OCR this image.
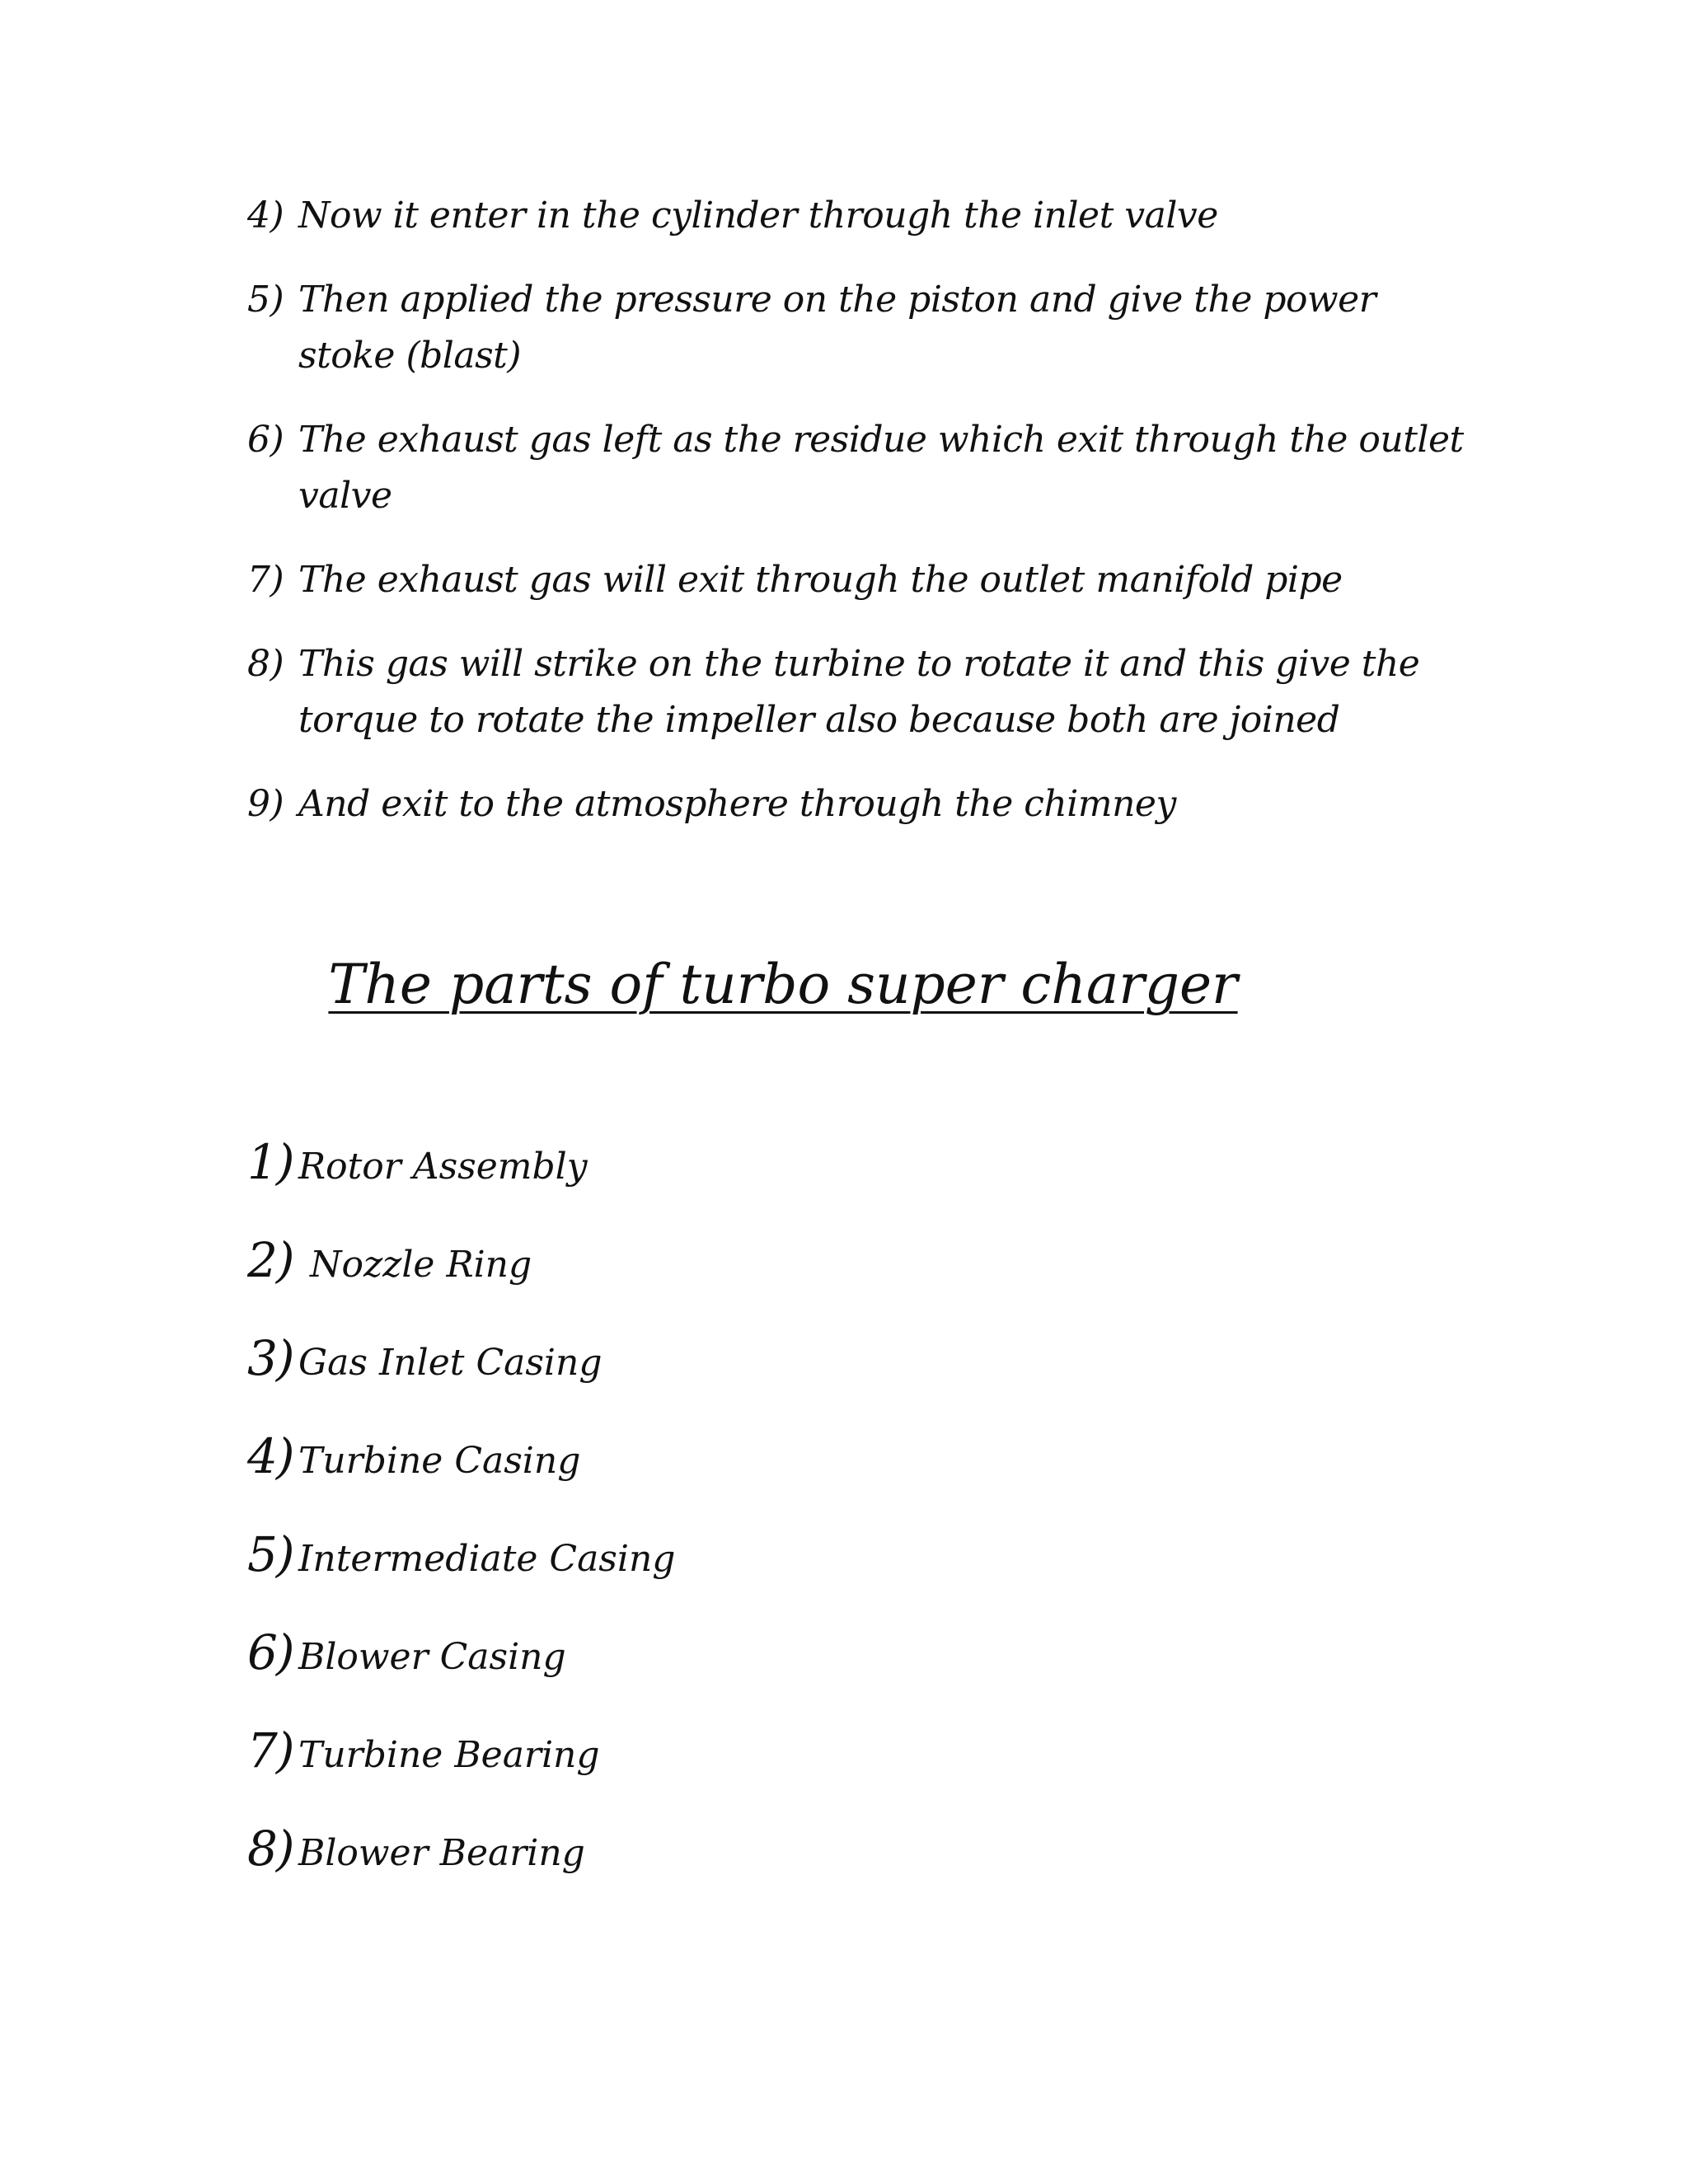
4) Now it enter in the cylinder through the inlet valve
5) Then applied the pressure on the piston and give the power stoke (blast)
6) The exhaust gas left as the residue which exit through the outlet valve
7) The exhaust gas will exit through the outlet manifold pipe
8) This gas will strike on the turbine to rotate it and this give the torque to rotate the impeller also because both are joined
9) And exit to the atmosphere through the chimney
The parts of turbo super charger
1) Rotor Assembly
2) Nozzle Ring
3) Gas Inlet Casing
4) Turbine Casing
5) Intermediate Casing
6) Blower Casing
7) Turbine Bearing
8) Blower Bearing
